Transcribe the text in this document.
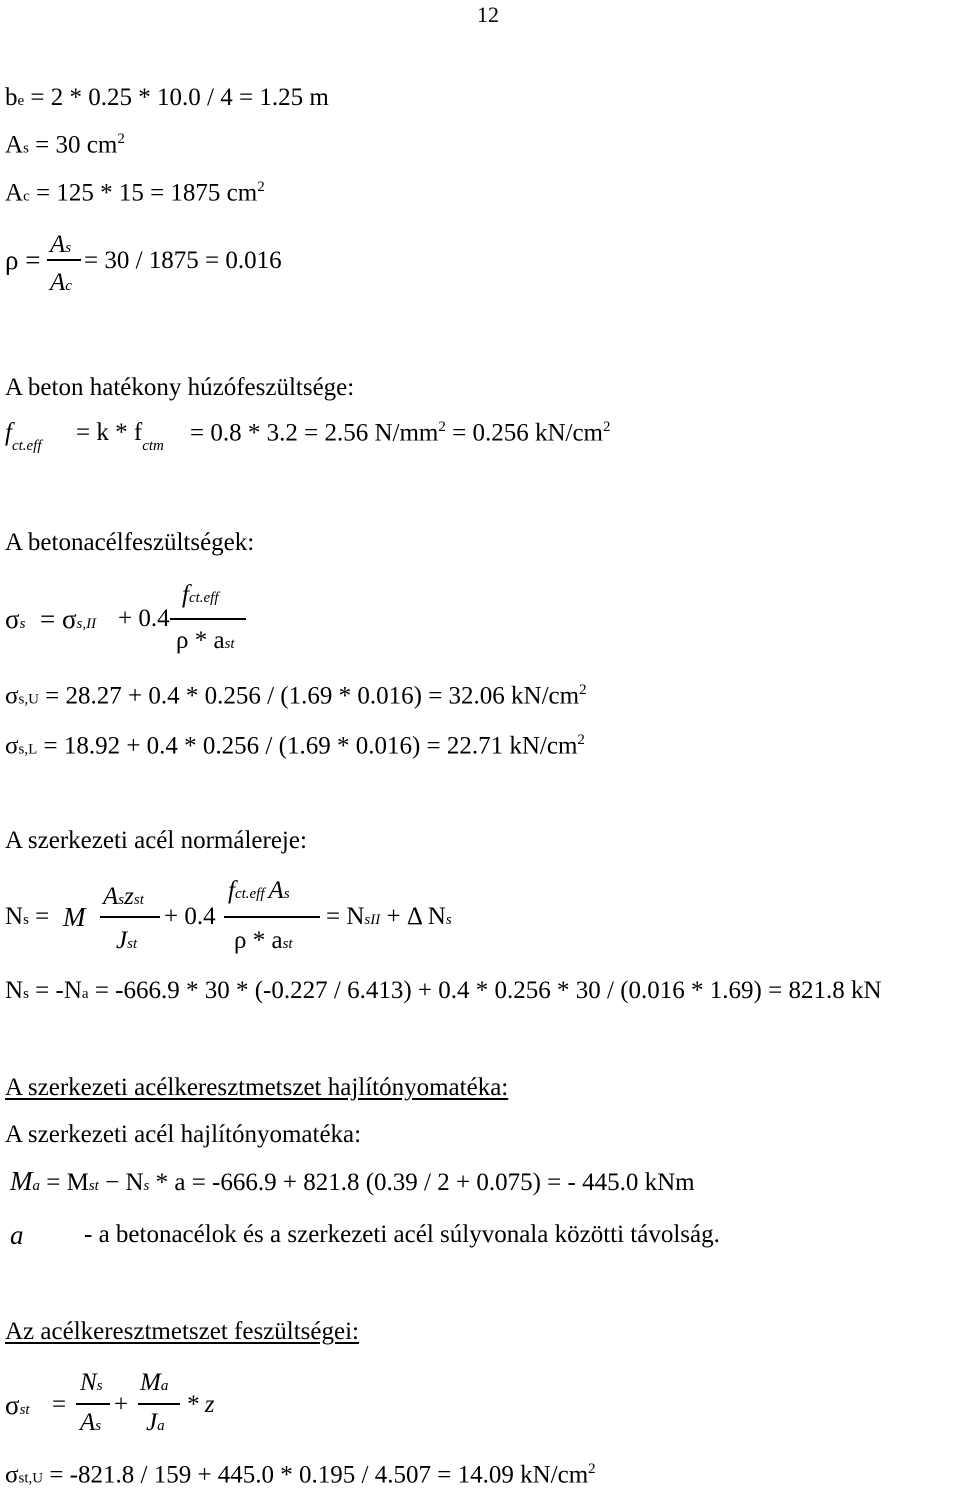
12
be = 2 * 0.25 * 10.0 / 4 = 1.25 m
As = 30 $cm^2$
Ac = 125 * 15 = 1875 $cm^2$
ρ =
As
Ac
= 30 / 1875 = 0.016
A beton hatékony húzófeszültsége:
$f_{ct.eff} = k * f_{ctm} = 0.8 * 3.2 = 2.56$ $N/mm^2 = 0.256$ $kN/cm^2$
A betonacélfeszültségek:
σs = σs,II + 0.4
fct.eff
ρ * ast
σs,U = 28.27 + 0.4 * 0.256 / (1.69 * 0.016) = 32.06 $kN/cm^2$
σs,L = 18.92 + 0.4 * 0.256 / (1.69 * 0.016) = 22.71 $kN/cm^2$
A szerkezeti acél normálereje:
Ns = M
Aszst
Jst
+ 0.4
fct.eff As
ρ * ast
= NsII + Δ Ns
Ns = -Na = -666.9 * 30 * (-0.227 / 6.413) + 0.4 * 0.256 * 30 / (0.016 * 1.69) = 821.8 kN
A szerkezeti acélkeresztmetszet hajlítónyomatéka:
A szerkezeti acél hajlítónyomatéka:
Ma = Mst − Ns * a = -666.9 + 821.8 (0.39 / 2 + 0.075) = - 445.0 kNm
a - a betonacélok és a szerkezeti acél súlyvonala közötti távolság.
Az acélkeresztmetszet feszültségei:
σst =
Ns
As
+
Ma
Ja
* z
σst,U = -821.8 / 159 + 445.0 * 0.195 / 4.507 = 14.09 $kN/cm^2$
